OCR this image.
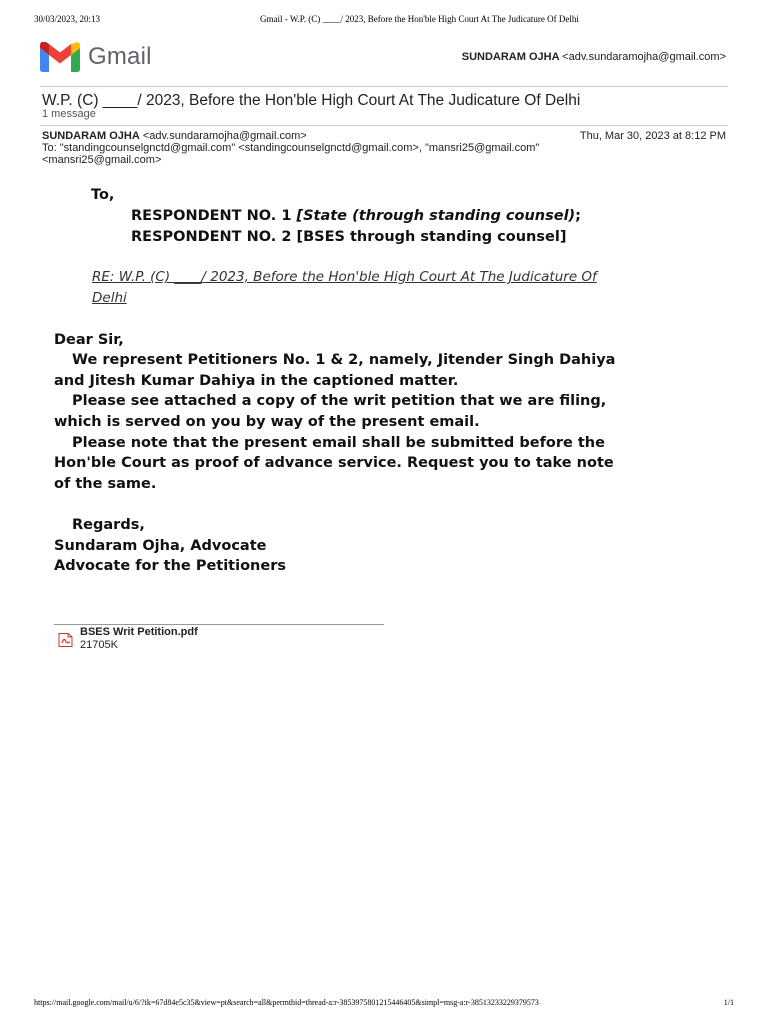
30/03/2023, 20:13	Gmail - W.P. (C) ____/ 2023, Before the Hon'ble High Court At The Judicature Of Delhi
Gmail	SUNDARAM OJHA <adv.sundaramojha@gmail.com>
W.P. (C) ____/ 2023, Before the Hon'ble High Court At The Judicature Of Delhi
1 message
SUNDARAM OJHA <adv.sundaramojha@gmail.com>	Thu, Mar 30, 2023 at 8:12 PM
To: "standingcounselgnctd@gmail.com" <standingcounselgnctd@gmail.com>, "mansri25@gmail.com"
<mansri25@gmail.com>
To,
RESPONDENT NO. 1 [State (through standing counsel);
RESPONDENT NO. 2 [BSES through standing counsel]
RE: W.P. (C) ____/ 2023, Before the Hon'ble High Court At The Judicature Of
Delhi
Dear Sir,
We represent Petitioners No. 1 & 2, namely, Jitender Singh Dahiya
and Jitesh Kumar Dahiya in the captioned matter.
Please see attached a copy of the writ petition that we are filing,
which is served on you by way of the present email.
Please note that the present email shall be submitted before the
Hon'ble Court as proof of advance service. Request you to take note
of the same.
Regards,
Sundaram Ojha, Advocate
Advocate for the Petitioners
BSES Writ Petition.pdf
21705K
https://mail.google.com/mail/u/6/?ik=67d84e5c35&view=pt&search=all&permthid=thread-a:r-3853975801215446405&simpl=msg-a:r-38513233229379573	1/1
